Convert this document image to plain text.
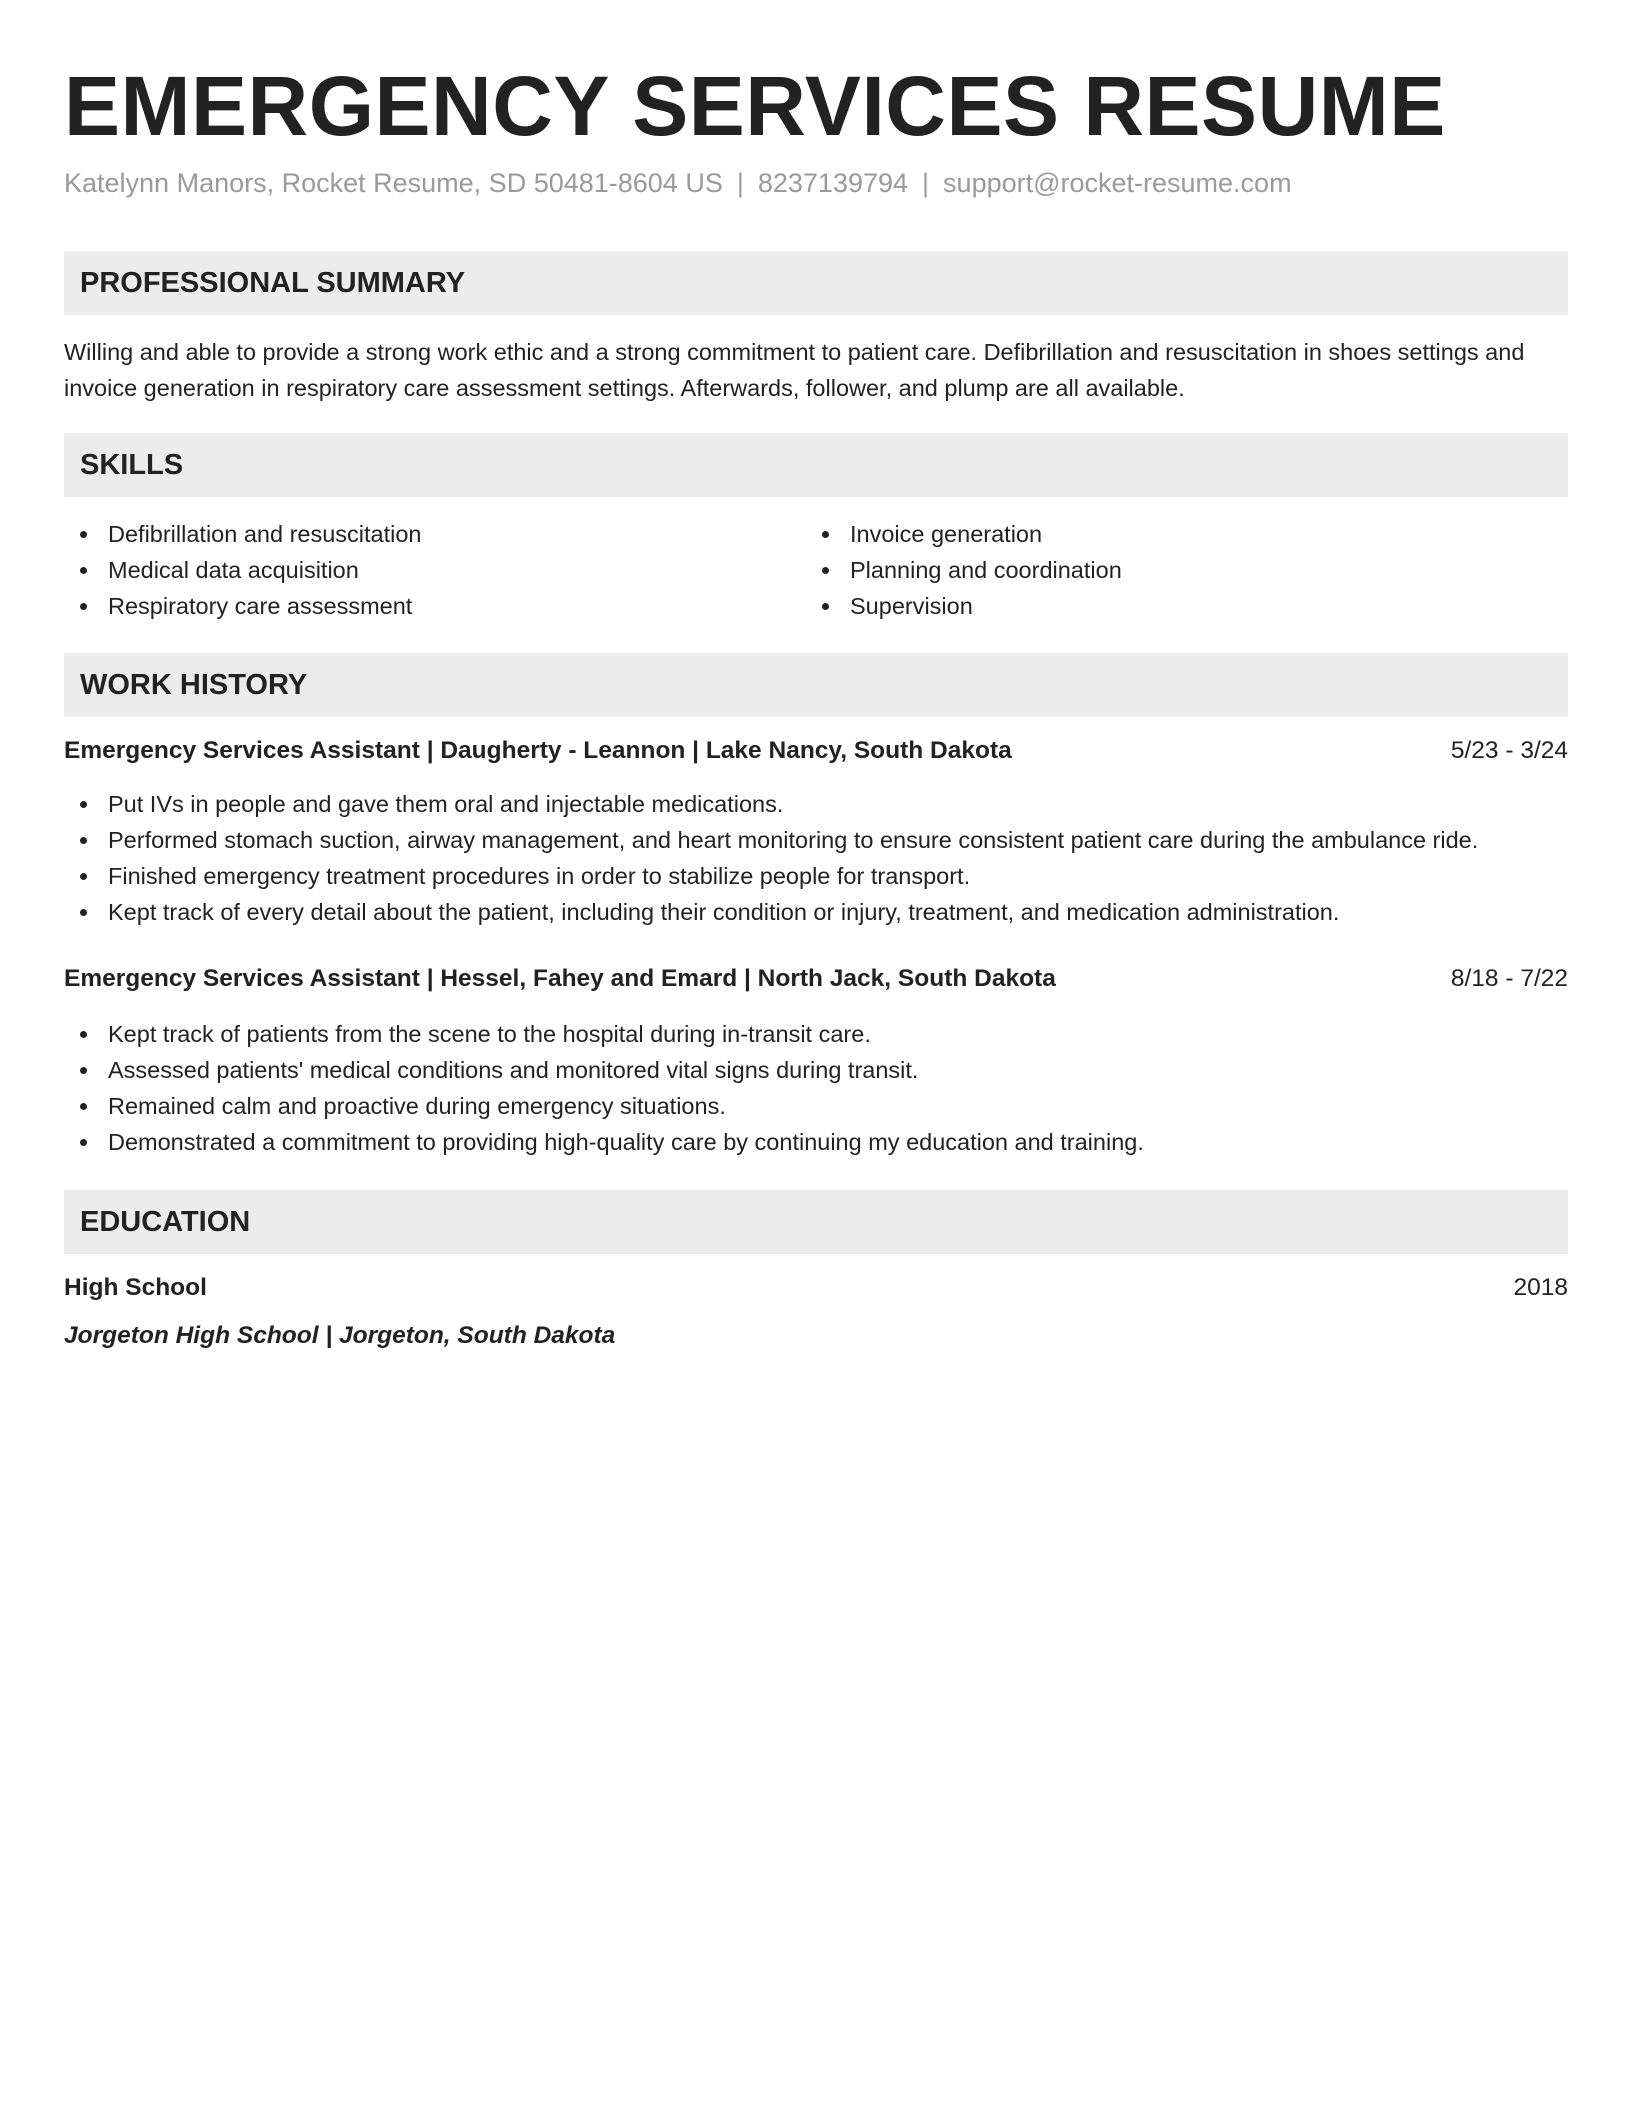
EMERGENCY SERVICES RESUME
Katelynn Manors, Rocket Resume, SD 50481-8604 US | 8237139794 | support@rocket-resume.com
PROFESSIONAL SUMMARY
Willing and able to provide a strong work ethic and a strong commitment to patient care. Defibrillation and resuscitation in shoes settings and invoice generation in respiratory care assessment settings. Afterwards, follower, and plump are all available.
SKILLS
Defibrillation and resuscitation
Medical data acquisition
Respiratory care assessment
Invoice generation
Planning and coordination
Supervision
WORK HISTORY
Emergency Services Assistant | Daugherty - Leannon | Lake Nancy, South Dakota	5/23 - 3/24
Put IVs in people and gave them oral and injectable medications.
Performed stomach suction, airway management, and heart monitoring to ensure consistent patient care during the ambulance ride.
Finished emergency treatment procedures in order to stabilize people for transport.
Kept track of every detail about the patient, including their condition or injury, treatment, and medication administration.
Emergency Services Assistant | Hessel, Fahey and Emard | North Jack, South Dakota	8/18 - 7/22
Kept track of patients from the scene to the hospital during in-transit care.
Assessed patients' medical conditions and monitored vital signs during transit.
Remained calm and proactive during emergency situations.
Demonstrated a commitment to providing high-quality care by continuing my education and training.
EDUCATION
High School	2018
Jorgeton High School | Jorgeton, South Dakota
